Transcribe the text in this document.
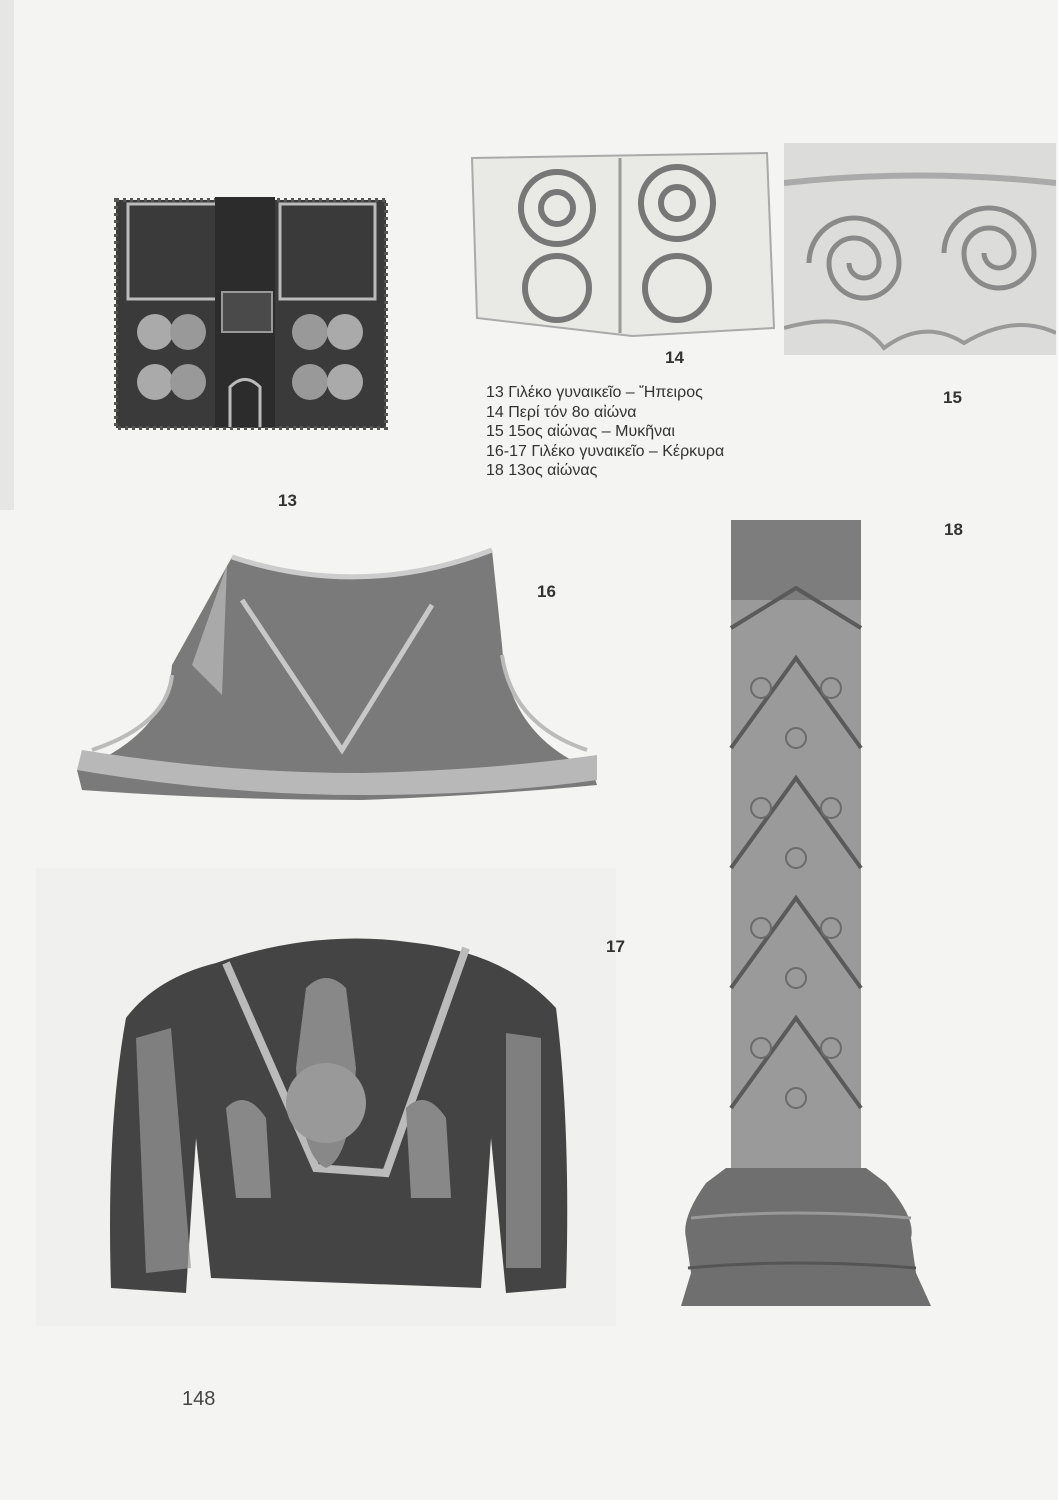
13
14
15
13 Γιλέκο γυναικεῖο – Ἤπειρος
14 Περί τόν 8ο αἰώνα
15 15ος αἰώνας – Μυκῆναι
16-17 Γιλέκο γυναικεῖο – Κέρκυρα
18 13ος αἰώνας
16
17
18
148
